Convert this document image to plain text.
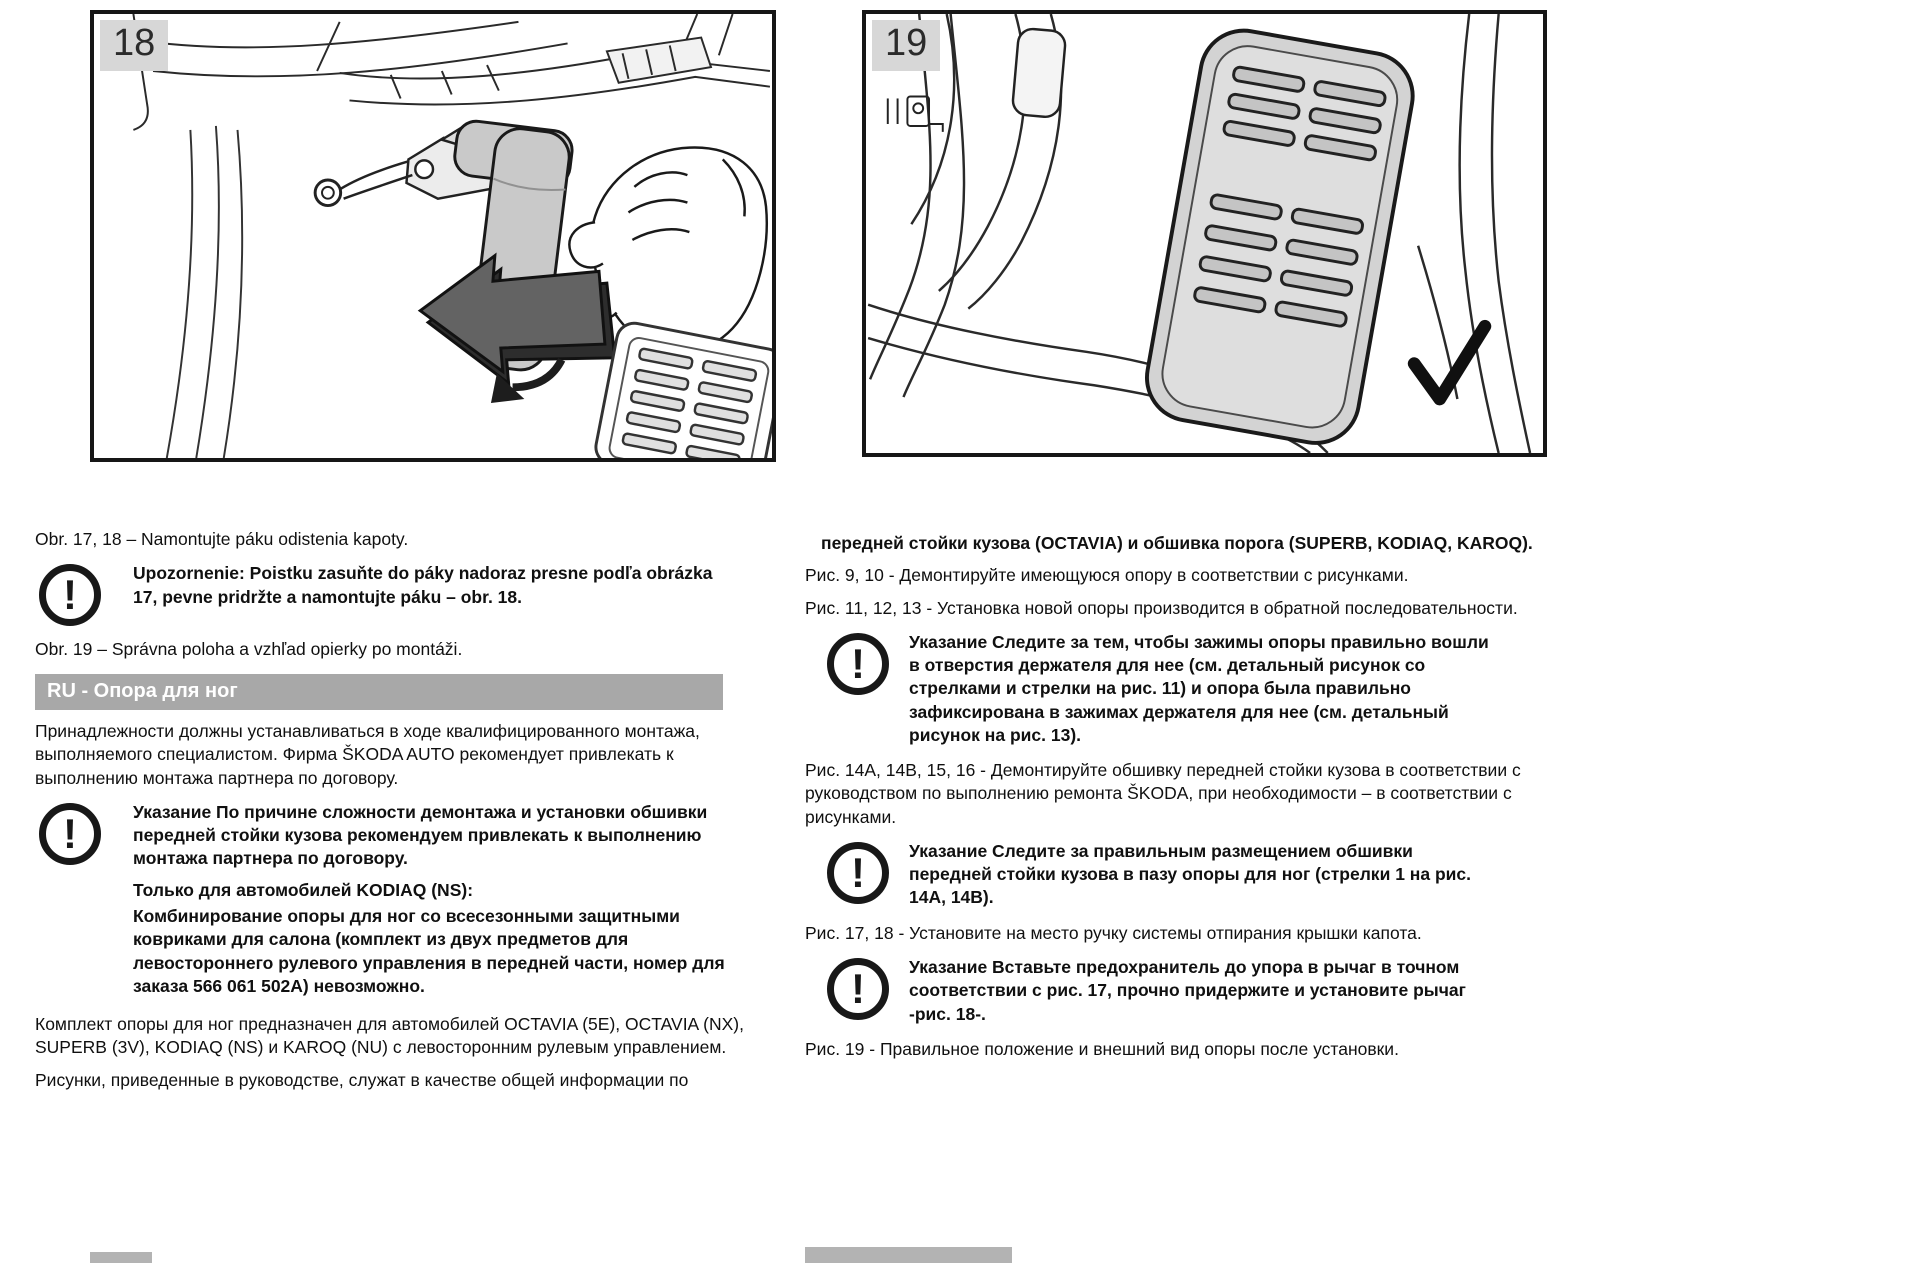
18	19

Obr. 17, 18 – Namontujte páku odistenia kapoty.

!	Upozornenie: Poistku zasuňte do páky nadoraz presne podľa obrázka 17, pevne pridržte a namontujte páku – obr. 18.

Obr. 19 – Správna poloha a vzhľad opierky po montáži.

RU - Опора для ног

Принадлежности должны устанавливаться в ходе квалифицированного монтажа, выполняемого специалистом. Фирма ŠKODA AUTO рекомендует привлекать к выполнению монтажа партнера по договору.

!	Указание По причине сложности демонтажа и установки обшивки передней стойки кузова рекомендуем привлекать к выполнению монтажа партнера по договору.

Только для автомобилей KODIAQ (NS):

Комбинирование опоры для ног со всесезонными защитными ковриками для салона (комплект из двух предметов для левостороннего рулевого управления в передней части, номер для заказа 566 061 502A) невозможно.

Комплект опоры для ног предназначен для автомобилей OCTAVIA (5E), OCTAVIA (NX), SUPERB (3V), KODIAQ (NS) и KAROQ (NU) с левосторонним рулевым управлением.

Рисунки, приведенные в руководстве, служат в качестве общей информации по

передней стойки кузова (OCTAVIA) и обшивка порога (SUPERB, KODIAQ, KAROQ).

Рис. 9, 10 - Демонтируйте имеющуюся опору в соответствии с рисунками.

Рис. 11, 12, 13 - Установка новой опоры производится в обратной последовательности.

!	Указание Следите за тем, чтобы зажимы опоры правильно вошли в отверстия держателя для нее (см. детальный рисунок со стрелками и стрелки на рис. 11) и опора была правильно зафиксирована в зажимах держателя для нее (см. детальный рисунок на рис. 13).

Рис. 14A, 14B, 15, 16 - Демонтируйте обшивку передней стойки кузова в соответствии с руководством по выполнению ремонта ŠKODA, при необходимости – в соответствии с рисунками.

!	Указание Следите за правильным размещением обшивки передней стойки кузова в пазу опоры для ног (стрелки 1 на рис. 14A, 14B).

Рис. 17, 18 - Установите на место ручку системы отпирания крышки капота.

!	Указание Вставьте предохранитель до упора в рычаг в точном соответствии с рис. 17, прочно придержите и установите рычаг -рис. 18-.

Рис. 19 - Правильное положение и внешний вид опоры после установки.
